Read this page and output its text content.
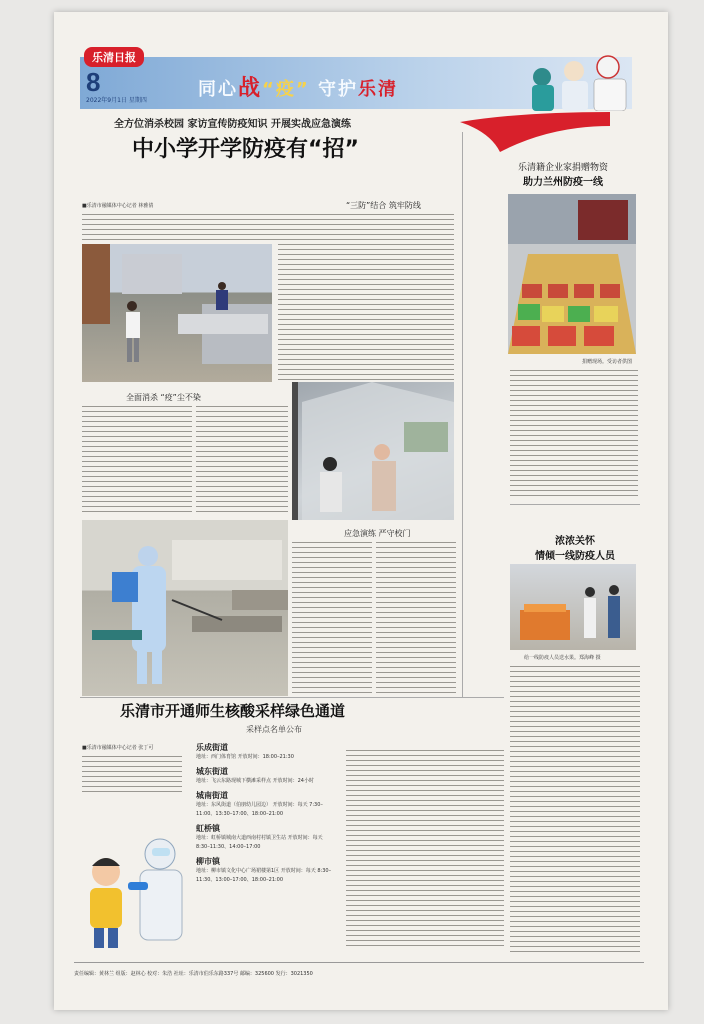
乐清日报
8
2022年9月1日 星期四
同心战“疫” 守护乐清
全方位消杀校园 家访宣传防疫知识 开展实战应急演练
中小学开学防疫有“招”
■乐清市融媒体中心记者 林雅倩	“三防”结合 筑牢防线
全面消杀 “疫”尘不染
应急演练 严守校门
乐清籍企业家捐赠物资
助力兰州防疫一线
捐赠现场。受访者供图
浓浓关怀
情倾一线防疫人员
给一线防疫人员送水果。郑海峰 摄
乐清市开通师生核酸采样绿色通道
采样点名单公布
■乐清市融媒体中心记者 张丁可	乐成街道
地址：西门体育馆 开放时间：18:00–21:30
城东街道
地址：飞云东路现城下横滩采样点 开放时间：24小时
城南街道
地址：东风街道（伯朋幼儿园边） 开放时间：每天 7:30–11:00、13:30–17:00、18:00–21:00
虹桥镇
地址：虹桥镇城南大道西南村村镇卫生站 开放时间：每天 8:30–11:30、14:00–17:00
柳市镇
地址：柳市镇文化中心广场裙楼第1区 开放时间：每天 8:30–11:30、13:00–17:00、18:00–21:00
责任编辑：黄林兰 组版：赵林心 校对：朱浩 社址：乐清市伯乐东路337号 邮编：325600 发行：3021350
